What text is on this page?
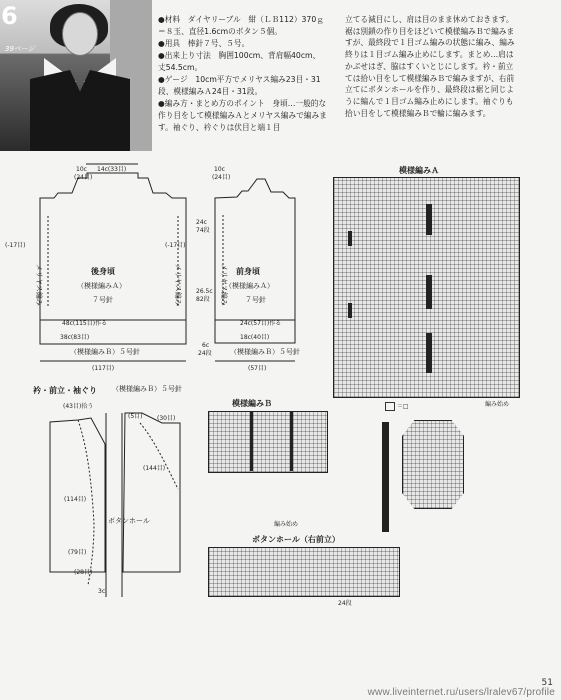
6
39ページ

●材料　ダイヤリーブル　紺（ＬＢ112）370ｇ

＝８玉、直径1.6cmのボタン５個。

●用具　棒針７号、５号。

●出来上り寸法　胸囲100cm、背肩幅40cm、

丈54.5cm。

●ゲージ　10cm平方でメリヤス編み23目・31

段、模様編みＡ24目・31段。

●編み方・まとめ方のポイント　身頃…一般的な作り目をして模様編みＡとメリヤス編みで編みます。袖ぐり、衿ぐりは伏目と端１目

立てる減目にし、肩は目のまま休めておきます。裾は別鎖の作り目をほどいて模様編みＢで編みますが、最終段で１目ゴム編みの状態に編み、編み終りは１目ゴム編み止めにします。まとめ…肩はかぶせはぎ、脇はすくいとじにします。衿・前立ては拾い目をして模様編みＢで編みますが、右前立てにボタンホールを作り、最終段は裾と同じように編んで１目ゴム編み止めにします。袖ぐりも拾い目をして模様編みＢで輪に編みます。
後身頃
（模様編みＡ）
７号針
メリヤス編み	メリヤス編み
10c
(24目)
14c(33目)
48c(115目)作る
38c(83目)
(117目)
(-17目)	(-17目)
（模様編みＢ）５号針
前身頃
（模様編みＡ）
７号針
メリヤス編み
10c
(24目)
24c(57目)作る
18c(40目)
(57目)
24c
74段
26.5c
82段
6c
24段	（模様編みＢ）５号針
模様編みＡ
＝□	編み始め
衿・前立・袖ぐり （模様編みＢ）５号針
ボタンホール
(43目)拾う
(5目) (30目)
(144目)
(114目)
(79目)
(28目)
3c
模様編みＢ
編み始め
ボタンホール（右前立）
24段
www.liveinternet.ru/users/lralev67/profile
51
